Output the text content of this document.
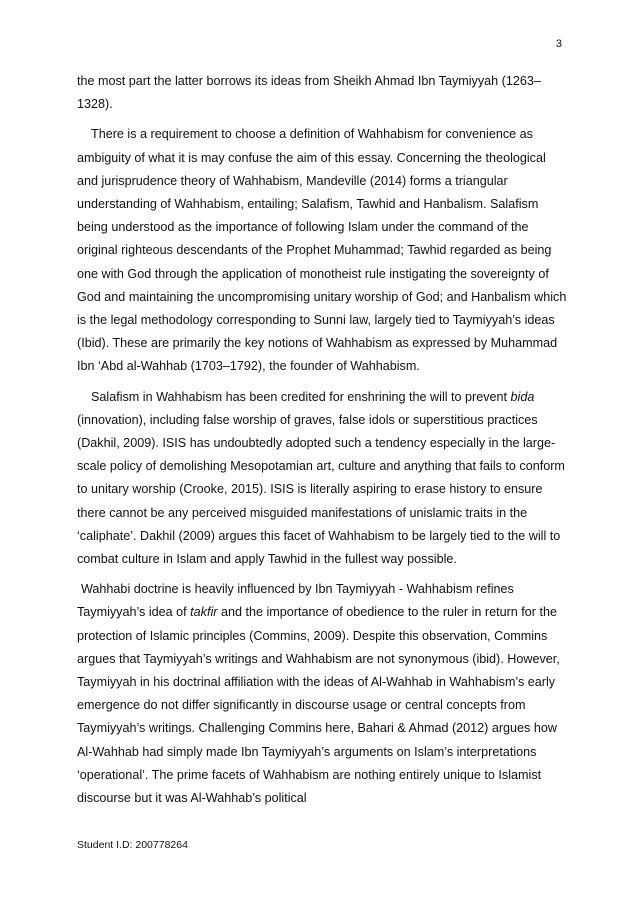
3

the most part the latter borrows its ideas from Sheikh Ahmad Ibn Taymiyyah (1263–1328).

There is a requirement to choose a definition of Wahhabism for convenience as ambiguity of what it is may confuse the aim of this essay. Concerning the theological and jurisprudence theory of Wahhabism, Mandeville (2014) forms a triangular understanding of Wahhabism, entailing; Salafism, Tawhid and Hanbalism. Salafism being understood as the importance of following Islam under the command of the original righteous descendants of the Prophet Muhammad; Tawhid regarded as being one with God through the application of monotheist rule instigating the sovereignty of God and maintaining the uncompromising unitary worship of God; and Hanbalism which is the legal methodology corresponding to Sunni law, largely tied to Taymiyyah’s ideas (Ibid). These are primarily the key notions of Wahhabism as expressed by Muhammad Ibn ‘Abd al-Wahhab (1703–1792), the founder of Wahhabism.

Salafism in Wahhabism has been credited for enshrining the will to prevent bida (innovation), including false worship of graves, false idols or superstitious practices (Dakhil, 2009). ISIS has undoubtedly adopted such a tendency especially in the large-scale policy of demolishing Mesopotamian art, culture and anything that fails to conform to unitary worship (Crooke, 2015). ISIS is literally aspiring to erase history to ensure there cannot be any perceived misguided manifestations of unislamic traits in the ‘caliphate’. Dakhil (2009) argues this facet of Wahhabism to be largely tied to the will to combat culture in Islam and apply Tawhid in the fullest way possible.

Wahhabi doctrine is heavily influenced by Ibn Taymiyyah - Wahhabism refines Taymiyyah’s idea of takfir and the importance of obedience to the ruler in return for the protection of Islamic principles (Commins, 2009). Despite this observation, Commins argues that Taymiyyah’s writings and Wahhabism are not synonymous (ibid). However, Taymiyyah in his doctrinal affiliation with the ideas of Al-Wahhab in Wahhabism’s early emergence do not differ significantly in discourse usage or central concepts from Taymiyyah’s writings. Challenging Commins here, Bahari & Ahmad (2012) argues how Al-Wahhab had simply made Ibn Taymiyyah’s arguments on Islam’s interpretations ‘operational’. The prime facets of Wahhabism are nothing entirely unique to Islamist discourse but it was Al-Wahhab’s political

Student I.D: 200778264
